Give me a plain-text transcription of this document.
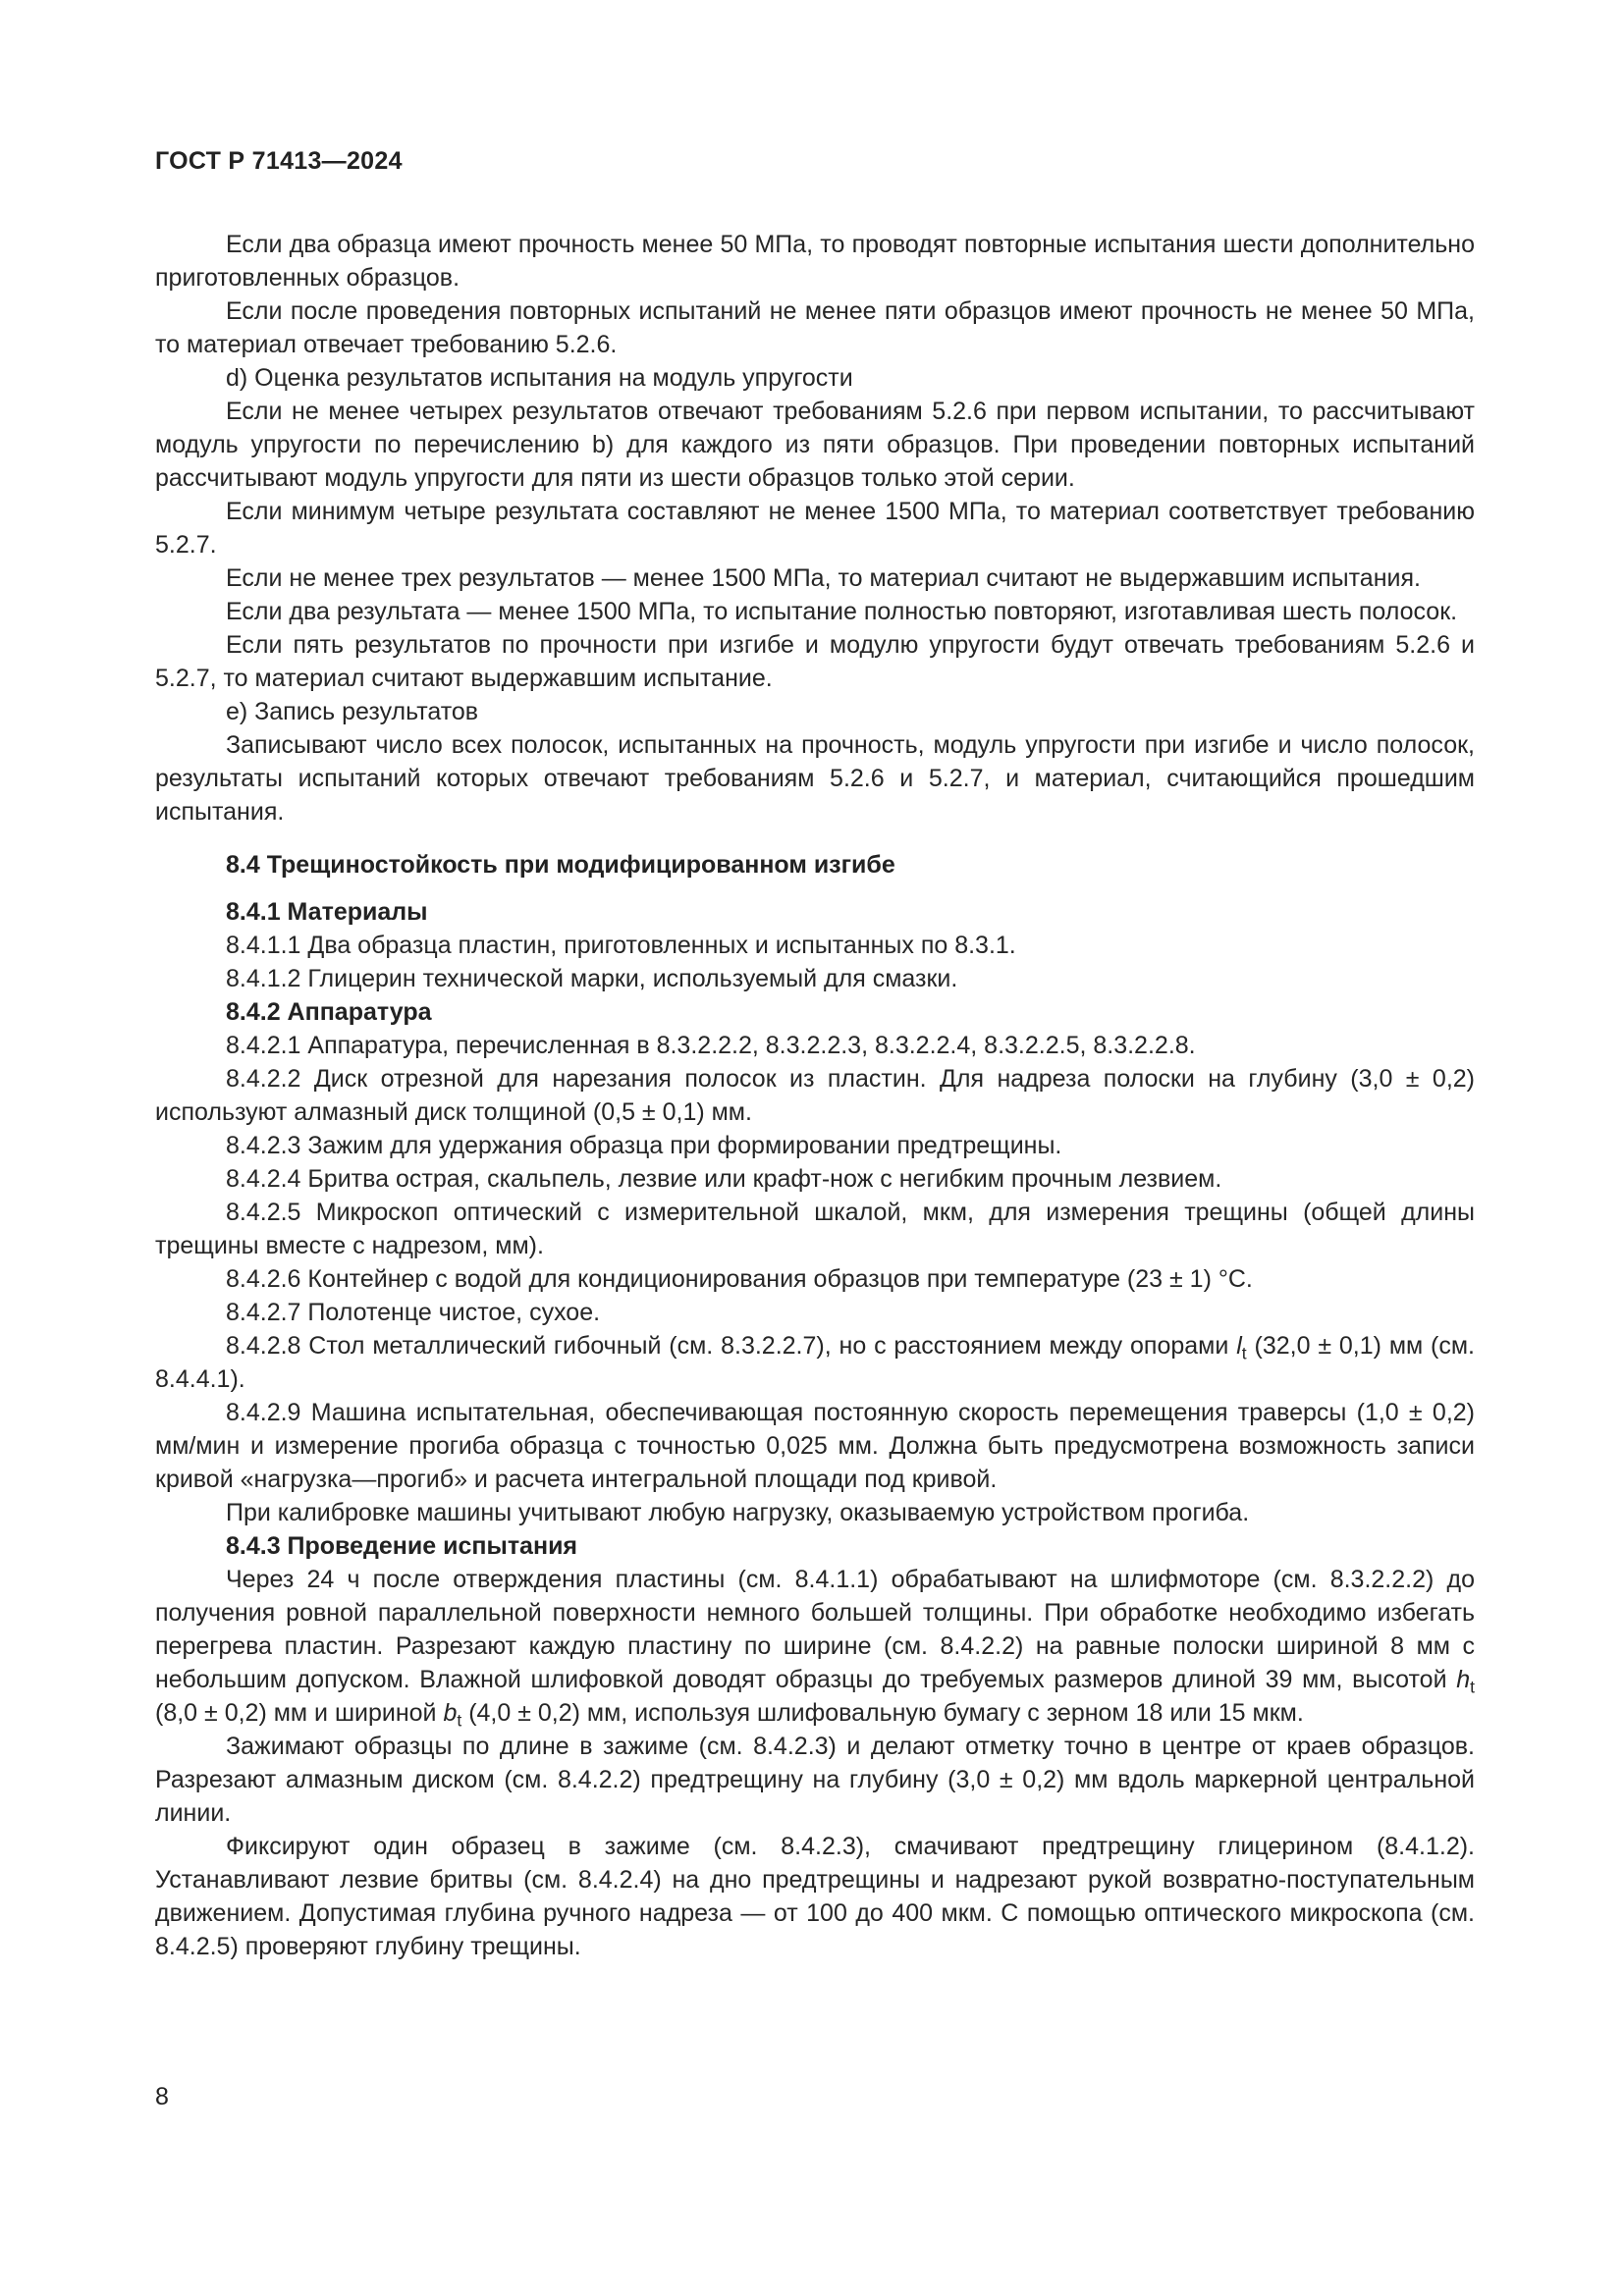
ГОСТ Р 71413—2024

Если два образца имеют прочность менее 50 МПа, то проводят повторные испытания шести дополнительно приготовленных образцов.

Если после проведения повторных испытаний не менее пяти образцов имеют прочность не менее 50 МПа, то материал отвечает требованию 5.2.6.

d) Оценка результатов испытания на модуль упругости

Если не менее четырех результатов отвечают требованиям 5.2.6 при первом испытании, то рассчитывают модуль упругости по перечислению b) для каждого из пяти образцов. При проведении повторных испытаний рассчитывают модуль упругости для пяти из шести образцов только этой серии.

Если минимум четыре результата составляют не менее 1500 МПа, то материал соответствует требованию 5.2.7.

Если не менее трех результатов — менее 1500 МПа, то материал считают не выдержавшим испытания.

Если два результата — менее 1500 МПа, то испытание полностью повторяют, изготавливая шесть полосок.

Если пять результатов по прочности при изгибе и модулю упругости будут отвечать требованиям 5.2.6 и 5.2.7, то материал считают выдержавшим испытание.

e) Запись результатов

Записывают число всех полосок, испытанных на прочность, модуль упругости при изгибе и число полосок, результаты испытаний которых отвечают требованиям 5.2.6 и 5.2.7, и материал, считающийся прошедшим испытания.

8.4 Трещиностойкость при модифицированном изгибе

8.4.1 Материалы

8.4.1.1 Два образца пластин, приготовленных и испытанных по 8.3.1.

8.4.1.2 Глицерин технической марки, используемый для смазки.

8.4.2 Аппаратура

8.4.2.1 Аппаратура, перечисленная в 8.3.2.2.2, 8.3.2.2.3, 8.3.2.2.4, 8.3.2.2.5, 8.3.2.2.8.

8.4.2.2 Диск отрезной для нарезания полосок из пластин. Для надреза полоски на глубину (3,0 ± 0,2) используют алмазный диск толщиной (0,5 ± 0,1) мм.

8.4.2.3 Зажим для удержания образца при формировании предтрещины.

8.4.2.4 Бритва острая, скальпель, лезвие или крафт-нож с негибким прочным лезвием.

8.4.2.5 Микроскоп оптический с измерительной шкалой, мкм, для измерения трещины (общей длины трещины вместе с надрезом, мм).

8.4.2.6 Контейнер с водой для кондиционирования образцов при температуре (23 ± 1) °С.

8.4.2.7 Полотенце чистое, сухое.

8.4.2.8 Стол металлический гибочный (см. 8.3.2.2.7), но с расстоянием между опорами $l_t$ (32,0 ± 0,1) мм (см. 8.4.4.1).

8.4.2.9 Машина испытательная, обеспечивающая постоянную скорость перемещения траверсы (1,0 ± 0,2) мм/мин и измерение прогиба образца с точностью 0,025 мм. Должна быть предусмотрена возможность записи кривой «нагрузка—прогиб» и расчета интегральной площади под кривой.

При калибровке машины учитывают любую нагрузку, оказываемую устройством прогиба.

8.4.3 Проведение испытания

Через 24 ч после отверждения пластины (см. 8.4.1.1) обрабатывают на шлифмоторе (см. 8.3.2.2.2) до получения ровной параллельной поверхности немного большей толщины. При обработке необходимо избегать перегрева пластин. Разрезают каждую пластину по ширине (см. 8.4.2.2) на равные полоски шириной 8 мм с небольшим допуском. Влажной шлифовкой доводят образцы до требуемых размеров длиной 39 мм, высотой $h_t$ (8,0 ± 0,2) мм и шириной $b_t$ (4,0 ± 0,2) мм, используя шлифовальную бумагу с зерном 18 или 15 мкм.

Зажимают образцы по длине в зажиме (см. 8.4.2.3) и делают отметку точно в центре от краев образцов. Разрезают алмазным диском (см. 8.4.2.2) предтрещину на глубину (3,0 ± 0,2) мм вдоль маркерной центральной линии.

Фиксируют один образец в зажиме (см. 8.4.2.3), смачивают предтрещину глицерином (8.4.1.2). Устанавливают лезвие бритвы (см. 8.4.2.4) на дно предтрещины и надрезают рукой возвратно-поступательным движением. Допустимая глубина ручного надреза — от 100 до 400 мкм. С помощью оптического микроскопа (см. 8.4.2.5) проверяют глубину трещины.

8
